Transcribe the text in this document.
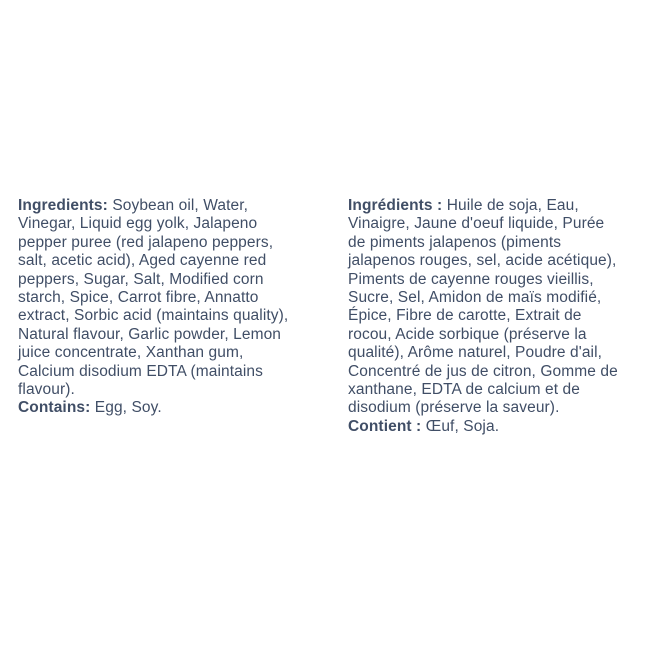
Ingredients: Soybean oil, Water,
Vinegar, Liquid egg yolk, Jalapeno
pepper puree (red jalapeno peppers,
salt, acetic acid), Aged cayenne red
peppers, Sugar, Salt, Modified corn
starch, Spice, Carrot fibre, Annatto
extract, Sorbic acid (maintains quality),
Natural flavour, Garlic powder, Lemon
juice concentrate, Xanthan gum,
Calcium disodium EDTA (maintains
flavour).
Contains: Egg, Soy.
Ingrédients : Huile de soja, Eau,
Vinaigre, Jaune d'oeuf liquide, Purée
de piments jalapenos (piments
jalapenos rouges, sel, acide acétique),
Piments de cayenne rouges vieillis,
Sucre, Sel, Amidon de maïs modifié,
Épice, Fibre de carotte, Extrait de
rocou, Acide sorbique (préserve la
qualité), Arôme naturel, Poudre d'ail,
Concentré de jus de citron, Gomme de
xanthane, EDTA de calcium et de
disodium (préserve la saveur).
Contient : Œuf, Soja.
